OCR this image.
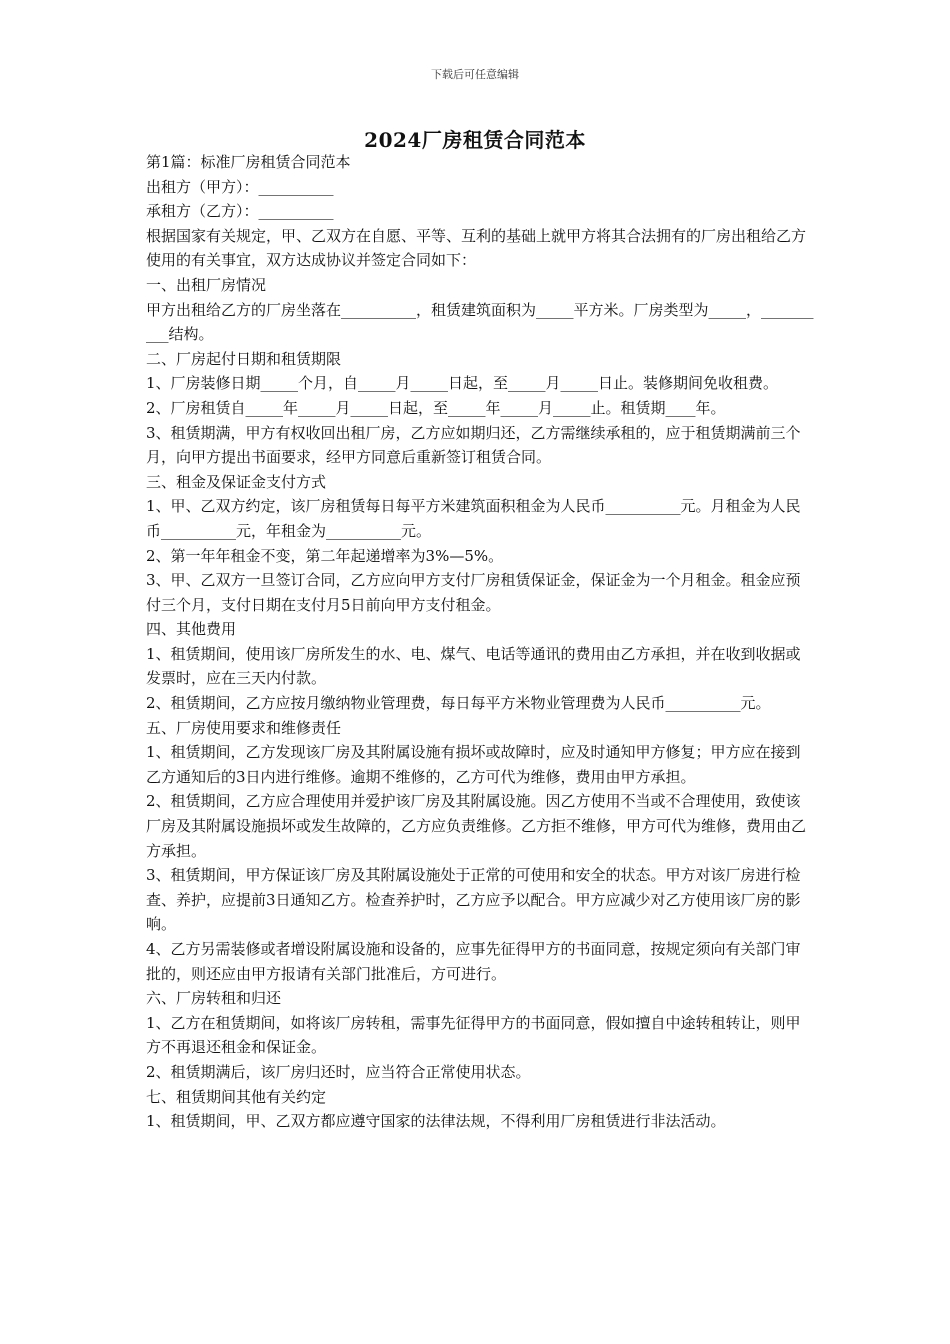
下载后可任意编辑
2024厂房租赁合同范本

第1篇：标准厂房租赁合同范本

出租方（甲方）：__________

承租方（乙方）：__________

根据国家有关规定，甲、乙双方在自愿、平等、互利的基础上就甲方将其合法拥有的厂房出租给乙方使用的有关事宜，双方达成协议并签定合同如下：

一、出租厂房情况

甲方出租给乙方的厂房坐落在__________，租赁建筑面积为_____平方米。厂房类型为_____，__________结构。

二、厂房起付日期和租赁期限

1、厂房装修日期_____个月，自_____月_____日起，至_____月_____日止。装修期间免收租费。

2、厂房租赁自_____年_____月_____日起，至_____年_____月_____止。租赁期____年。

3、租赁期满，甲方有权收回出租厂房，乙方应如期归还，乙方需继续承租的，应于租赁期满前三个月，向甲方提出书面要求，经甲方同意后重新签订租赁合同。

三、租金及保证金支付方式

1、甲、乙双方约定，该厂房租赁每日每平方米建筑面积租金为人民币__________元。月租金为人民币__________元，年租金为__________元。

2、第一年年租金不变，第二年起递增率为3%—5%。

3、甲、乙双方一旦签订合同，乙方应向甲方支付厂房租赁保证金，保证金为一个月租金。租金应预付三个月，支付日期在支付月5日前向甲方支付租金。

四、其他费用

1、租赁期间，使用该厂房所发生的水、电、煤气、电话等通讯的费用由乙方承担，并在收到收据或发票时，应在三天内付款。

2、租赁期间，乙方应按月缴纳物业管理费，每日每平方米物业管理费为人民币__________元。

五、厂房使用要求和维修责任

1、租赁期间，乙方发现该厂房及其附属设施有损坏或故障时，应及时通知甲方修复；甲方应在接到乙方通知后的3日内进行维修。逾期不维修的，乙方可代为维修，费用由甲方承担。

2、租赁期间，乙方应合理使用并爱护该厂房及其附属设施。因乙方使用不当或不合理使用，致使该厂房及其附属设施损坏或发生故障的，乙方应负责维修。乙方拒不维修，甲方可代为维修，费用由乙方承担。

3、租赁期间，甲方保证该厂房及其附属设施处于正常的可使用和安全的状态。甲方对该厂房进行检查、养护，应提前3日通知乙方。检查养护时，乙方应予以配合。甲方应减少对乙方使用该厂房的影响。

4、乙方另需装修或者增设附属设施和设备的，应事先征得甲方的书面同意，按规定须向有关部门审批的，则还应由甲方报请有关部门批准后，方可进行。

六、厂房转租和归还

1、乙方在租赁期间，如将该厂房转租，需事先征得甲方的书面同意，假如擅自中途转租转让，则甲方不再退还租金和保证金。

2、租赁期满后，该厂房归还时，应当符合正常使用状态。

七、租赁期间其他有关约定

1、租赁期间，甲、乙双方都应遵守国家的法律法规，不得利用厂房租赁进行非法活动。
